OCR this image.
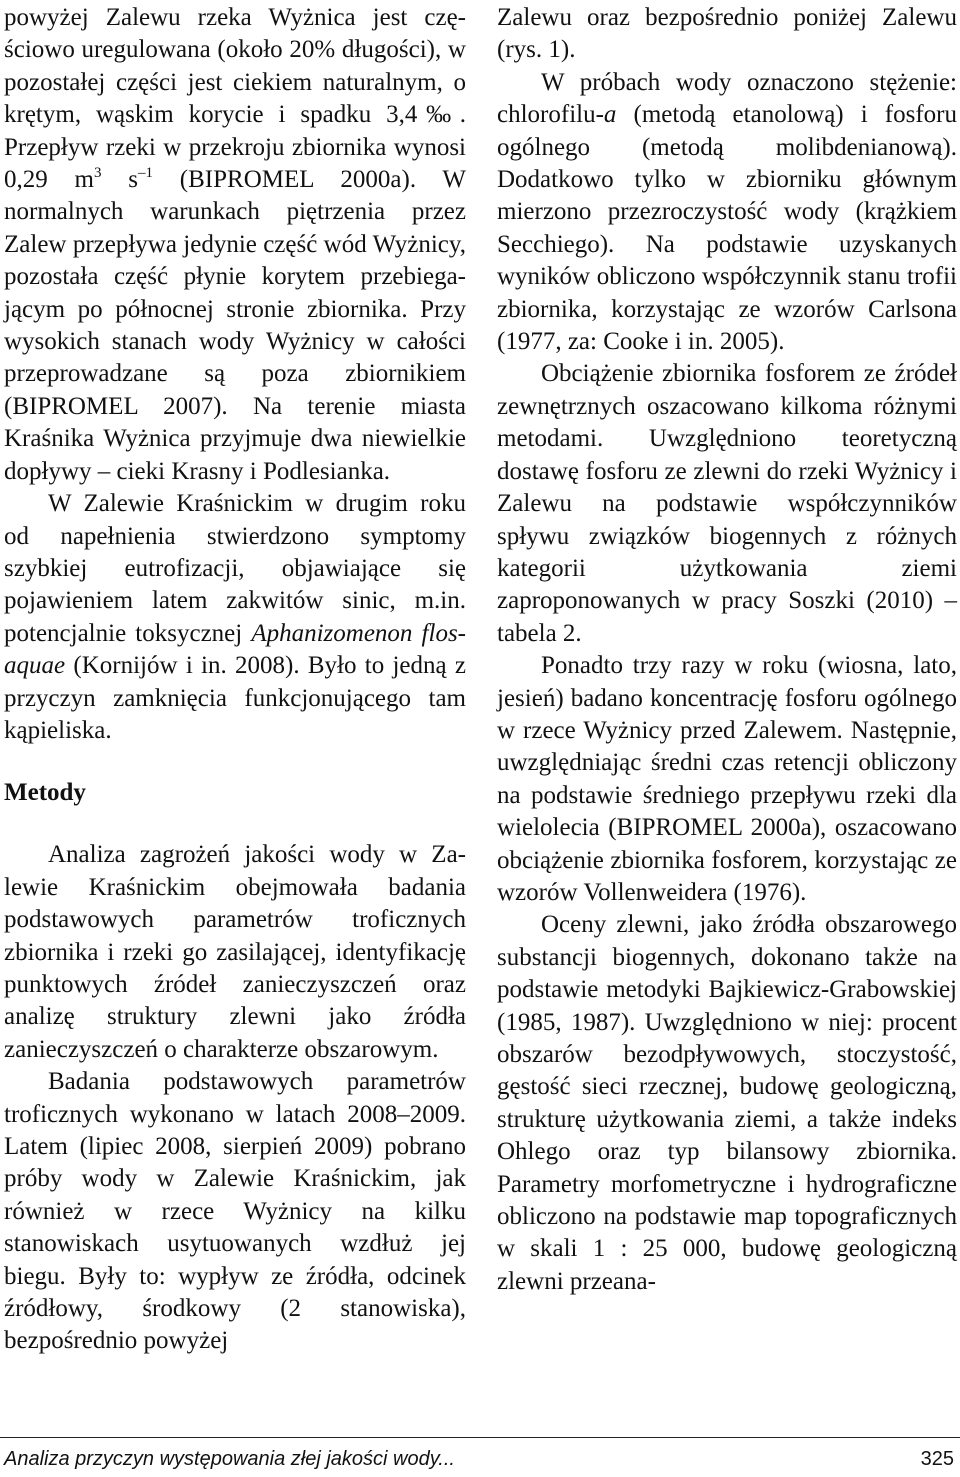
powyżej Zalewu rzeka Wyżnica jest częściowo uregulowana (około 20% długości), w pozostałej części jest ciekiem naturalnym, o krętym, wąskim korycie i spadku 3,4‰. Przepływ rzeki w przekroju zbiornika wynosi 0,29 $m^3$ $s^{-1}$ (BIPROMEL 2000a). W normalnych warunkach piętrzenia przez Zalew przepływa jedynie część wód Wyżnicy, pozostała część płynie korytem przebiegającym po północnej stronie zbiornika. Przy wysokich stanach wody Wyżnicy w całości przeprowadzane są poza zbiornikiem (BIPROMEL 2007). Na terenie miasta Kraśnika Wyżnica przyjmuje dwa niewielkie dopływy – cieki Krasny i Podlesianka.

W Zalewie Kraśnickim w drugim roku od napełnienia stwierdzono symptomy szybkiej eutrofizacji, objawiające się pojawieniem latem zakwitów sinic, m.in. potencjalnie toksycznej Aphanizomenon flos-aquae (Kornijów i in. 2008). Było to jedną z przyczyn zamknięcia funkcjonującego tam kąpieliska.

Metody

Analiza zagrożeń jakości wody w Zalewie Kraśnickim obejmowała badania podstawowych parametrów troficznych zbiornika i rzeki go zasilającej, identyfikację punktowych źródeł zanieczyszczeń oraz analizę struktury zlewni jako źródła zanieczyszczeń o charakterze obszarowym.

Badania podstawowych parametrów troficznych wykonano w latach 2008–2009. Latem (lipiec 2008, sierpień 2009) pobrano próby wody w Zalewie Kraśnickim, jak również w rzece Wyżnicy na kilku stanowiskach usytuowanych wzdłuż jej biegu. Były to: wypływ ze źródła, odcinek źródłowy, środkowy (2 stanowiska), bezpośrednio powyżej

Zalewu oraz bezpośrednio poniżej Zalewu (rys. 1).

W próbach wody oznaczono stężenie: chlorofilu-a (metodą etanolową) i fosforu ogólnego (metodą molibdenianową). Dodatkowo tylko w zbiorniku głównym mierzono przezroczystość wody (krążkiem Secchiego). Na podstawie uzyskanych wyników obliczono współczynnik stanu trofii zbiornika, korzystając ze wzorów Carlsona (1977, za: Cooke i in. 2005).

Obciążenie zbiornika fosforem ze źródeł zewnętrznych oszacowano kilkoma różnymi metodami. Uwzględniono teoretyczną dostawę fosforu ze zlewni do rzeki Wyżnicy i Zalewu na podstawie współczynników spływu związków biogennych z różnych kategorii użytkowania ziemi zaproponowanych w pracy Soszki (2010) – tabela 2.

Ponadto trzy razy w roku (wiosna, lato, jesień) badano koncentrację fosforu ogólnego w rzece Wyżnicy przed Zalewem. Następnie, uwzględniając średni czas retencji obliczony na podstawie średniego przepływu rzeki dla wielolecia (BIPROMEL 2000a), oszacowano obciążenie zbiornika fosforem, korzystając ze wzorów Vollenweidera (1976).

Oceny zlewni, jako źródła obszarowego substancji biogennych, dokonano także na podstawie metodyki Bajkiewicz-Grabowskiej (1985, 1987). Uwzględniono w niej: procent obszarów bezodpływowych, stoczystość, gęstość sieci rzecznej, budowę geologiczną, strukturę użytkowania ziemi, a także indeks Ohlego oraz typ bilansowy zbiornika. Parametry morfometryczne i hydrograficzne obliczono na podstawie map topograficznych w skali 1 : 25 000, budowę geologiczną zlewni przeana-

Analiza przyczyn występowania złej jakości wody...	325
